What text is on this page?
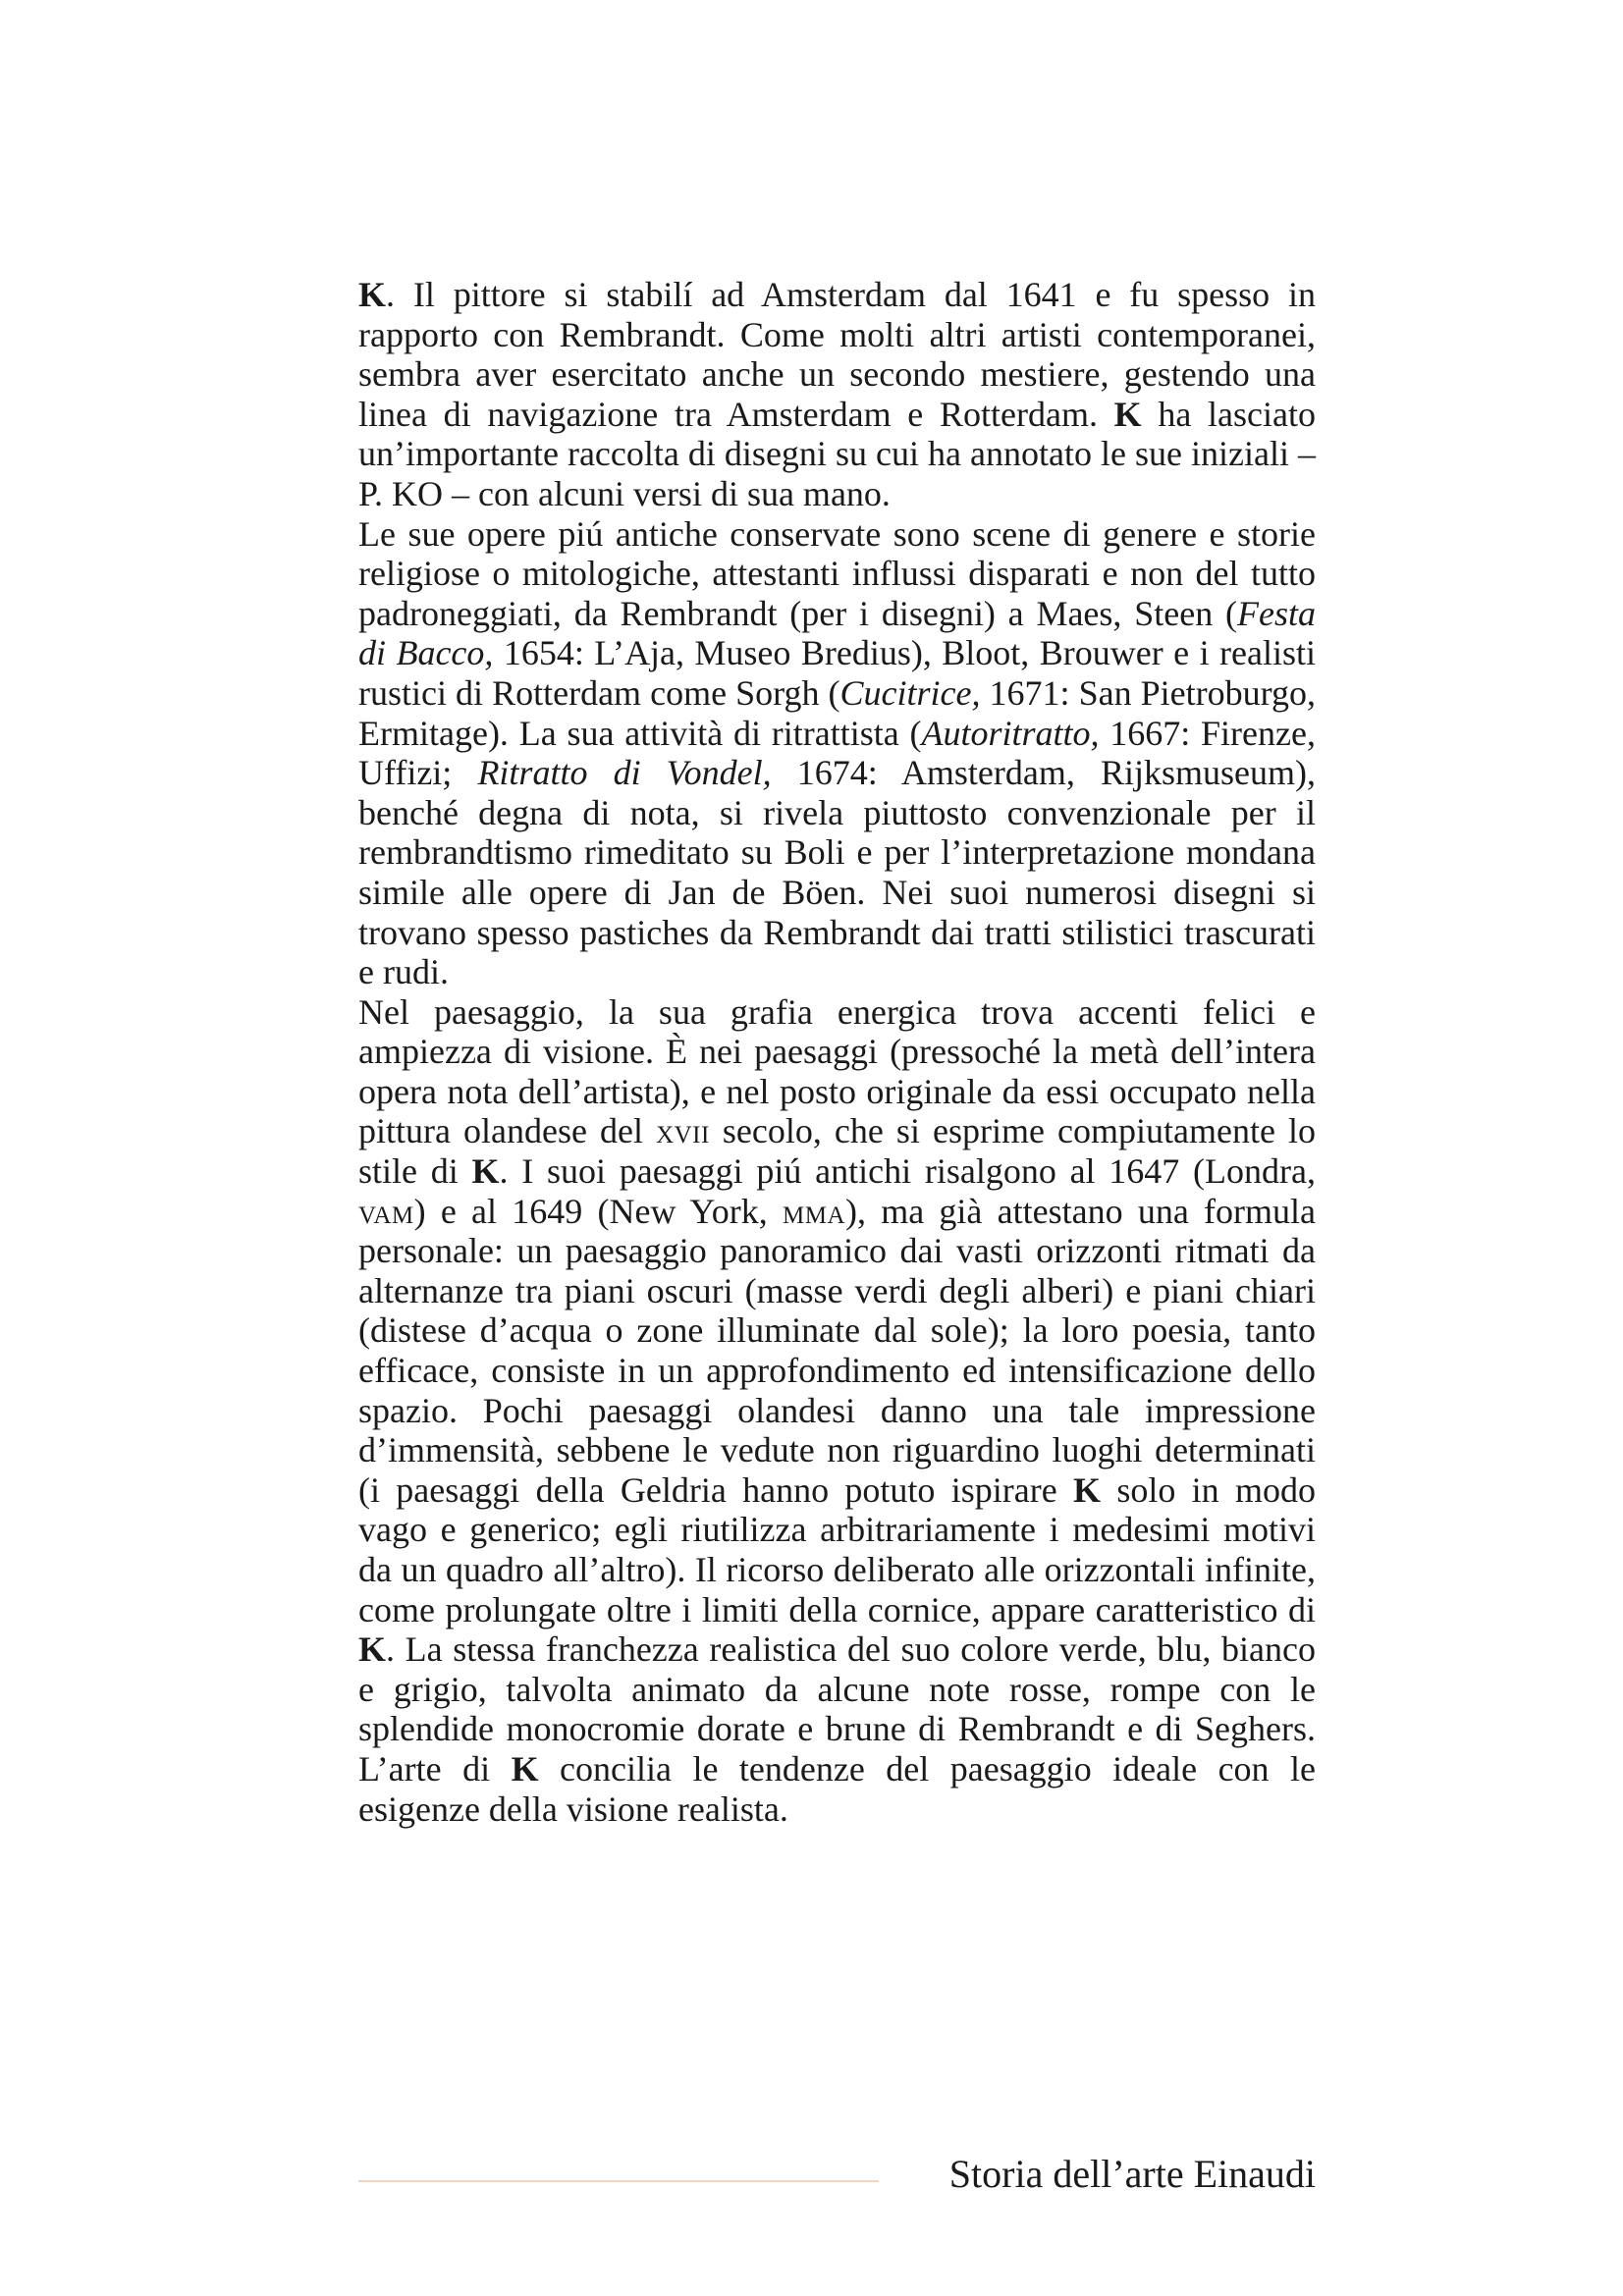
K. Il pittore si stabilí ad Amsterdam dal 1641 e fu spesso in rapporto con Rembrandt. Come molti altri artisti contemporanei, sembra aver esercitato anche un secondo mestiere, gestendo una linea di navigazione tra Amsterdam e Rotterdam. K ha lasciato un’importante raccolta di disegni su cui ha annotato le sue iniziali – P. KO – con alcuni versi di sua mano.

Le sue opere piú antiche conservate sono scene di genere e storie religiose o mitologiche, attestanti influssi disparati e non del tutto padroneggiati, da Rembrandt (per i disegni) a Maes, Steen (Festa di Bacco, 1654: L’Aja, Museo Bredius), Bloot, Brouwer e i realisti rustici di Rotterdam come Sorgh (Cucitrice, 1671: San Pietroburgo, Ermitage). La sua attività di ritrattista (Autoritratto, 1667: Firenze, Uffizi; Ritratto di Vondel, 1674: Amsterdam, Rijksmuseum), benché degna di nota, si rivela piuttosto convenzionale per il rembrandtismo rimeditato su Boli e per l’interpretazione mondana simile alle opere di Jan de Böen. Nei suoi numerosi disegni si trovano spesso pastiches da Rembrandt dai tratti stilistici trascurati e rudi.

Nel paesaggio, la sua grafia energica trova accenti felici e ampiezza di visione. È nei paesaggi (pressoché la metà dell’intera opera nota dell’artista), e nel posto originale da essi occupato nella pittura olandese del xvii secolo, che si esprime compiutamente lo stile di K. I suoi paesaggi piú antichi risalgono al 1647 (Londra, vam) e al 1649 (New York, mma), ma già attestano una formula personale: un paesaggio panoramico dai vasti orizzonti ritmati da alternanze tra piani oscuri (masse verdi degli alberi) e piani chiari (distese d’acqua o zone illuminate dal sole); la loro poesia, tanto efficace, consiste in un approfondimento ed intensificazione dello spazio. Pochi paesaggi olandesi danno una tale impressione d’immensità, sebbene le vedute non riguardino luoghi determinati (i paesaggi della Geldria hanno potuto ispirare K solo in modo vago e generico; egli riutilizza arbitrariamente i medesimi motivi da un quadro all’altro). Il ricorso deliberato alle orizzontali infinite, come prolungate oltre i limiti della cornice, appare caratteristico di K. La stessa franchezza realistica del suo colore verde, blu, bianco e grigio, talvolta animato da alcune note rosse, rompe con le splendide monocromie dorate e brune di Rembrandt e di Seghers. L’arte di K concilia le tendenze del paesaggio ideale con le esigenze della visione realista.

Storia dell’arte Einaudi
